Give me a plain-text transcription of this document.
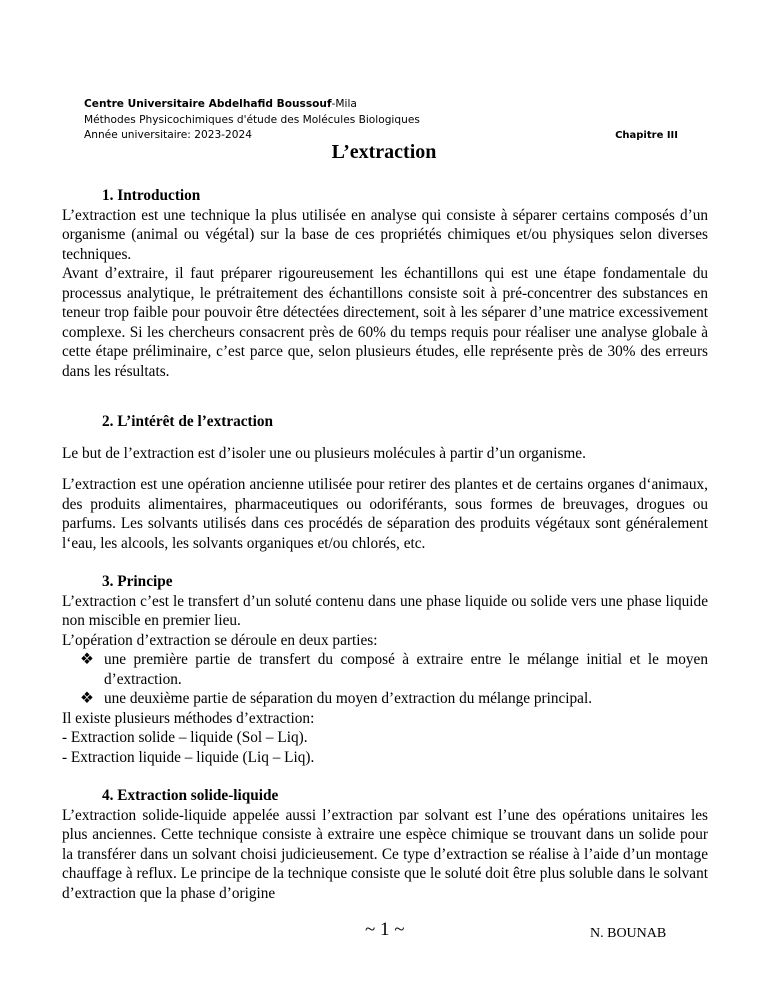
Centre Universitaire Abdelhafid Boussouf-Mila
Méthodes Physicochimiques d'étude des Molécules Biologiques
Année universitaire: 2023-2024	Chapitre III
L’extraction
1. Introduction

L’extraction est une technique la plus utilisée en analyse qui consiste à séparer certains composés d’un organisme (animal ou végétal) sur la base de ces propriétés chimiques et/ou physiques selon diverses techniques.

Avant d’extraire, il faut préparer rigoureusement les échantillons qui est une étape fondamentale du processus analytique, le prétraitement des échantillons consiste soit à pré-concentrer des substances en teneur trop faible pour pouvoir être détectées directement, soit à les séparer d’une matrice excessivement complexe. Si les chercheurs consacrent près de 60% du temps requis pour réaliser une analyse globale à cette étape préliminaire, c’est parce que, selon plusieurs études, elle représente près de 30% des erreurs dans les résultats.

2. L’intérêt de l’extraction

Le but de l’extraction est d’isoler une ou plusieurs molécules à partir d’un organisme.

L’extraction est une opération ancienne utilisée pour retirer des plantes et de certains organes d‘animaux, des produits alimentaires, pharmaceutiques ou odoriférants, sous formes de breuvages, drogues ou parfums. Les solvants utilisés dans ces procédés de séparation des produits végétaux sont généralement l‘eau, les alcools, les solvants organiques et/ou chlorés, etc.

3. Principe

L’extraction c’est le transfert d’un soluté contenu dans une phase liquide ou solide vers une phase liquide non miscible en premier lieu.

L’opération d’extraction se déroule en deux parties:

❖ une première partie de transfert du composé à extraire entre le mélange initial et le moyen d’extraction.
❖ une deuxième partie de séparation du moyen d’extraction du mélange principal.

Il existe plusieurs méthodes d’extraction:

- Extraction solide – liquide (Sol – Liq).

- Extraction liquide – liquide (Liq – Liq).

4. Extraction solide-liquide

L’extraction solide-liquide appelée aussi l’extraction par solvant est l’une des opérations unitaires les plus anciennes. Cette technique consiste à extraire une espèce chimique se trouvant dans un solide pour la transférer dans un solvant choisi judicieusement. Ce type d’extraction se réalise à l’aide d’un montage chauffage à reflux. Le principe de la technique consiste que le soluté doit être plus soluble dans le solvant d’extraction que la phase d’origine

~ 1 ~	N. BOUNAB
